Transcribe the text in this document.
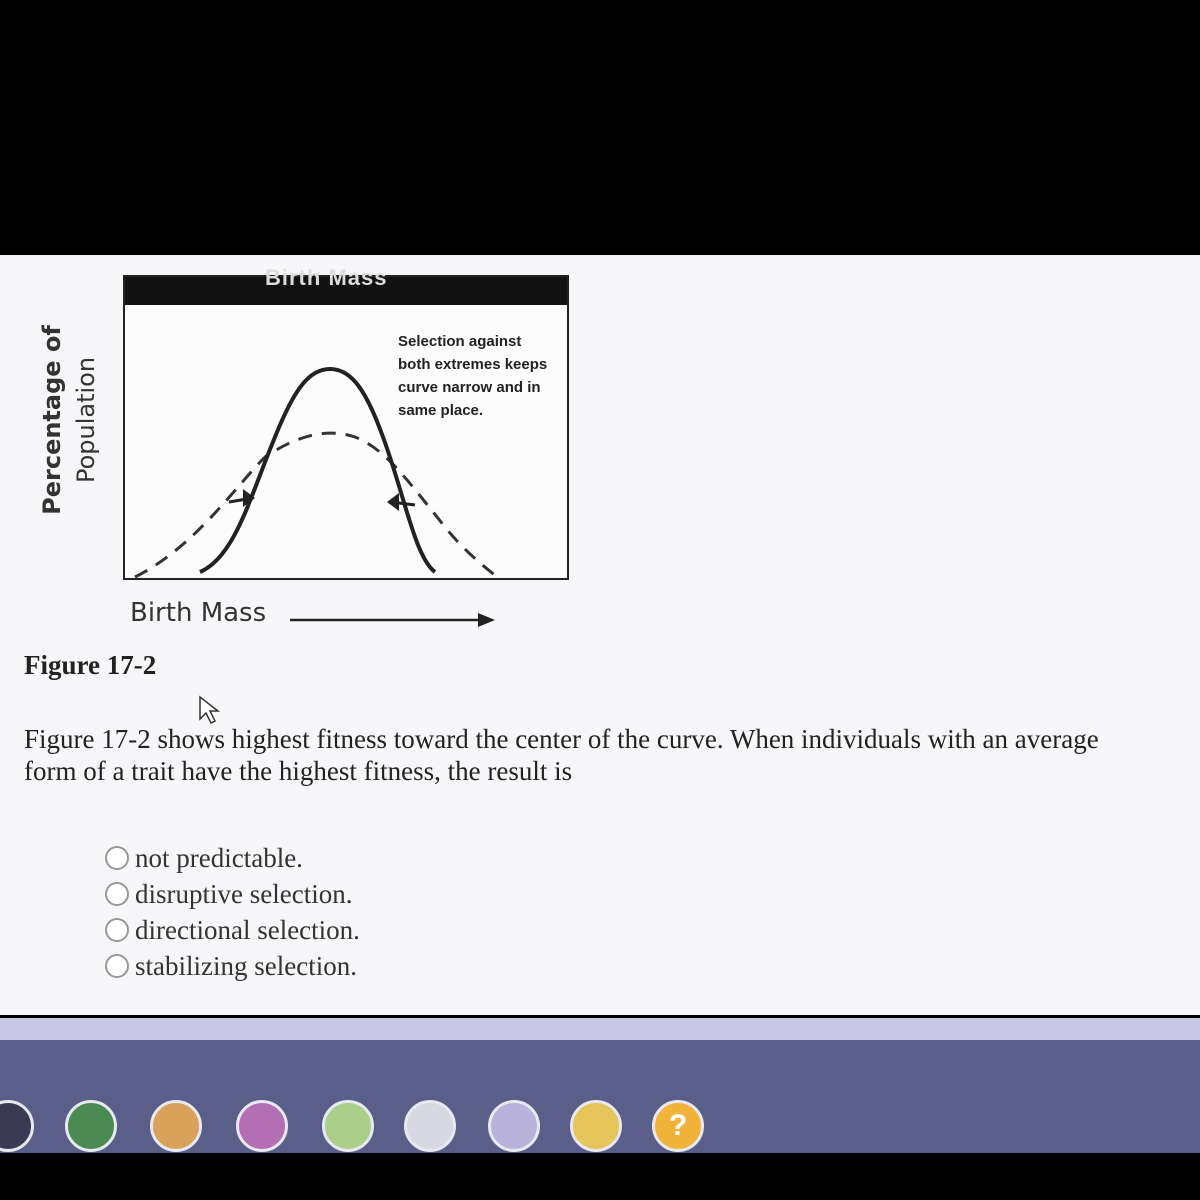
Percentage of Population
Birth Mass
Selection against both extremes keeps curve narrow and in same place.
Birth Mass
Figure 17-2
Figure 17-2 shows highest fitness toward the center of the curve. When individuals with an average form of a trait have the highest fitness, the result is
not predictable.
disruptive selection.
directional selection.
stabilizing selection.
?
